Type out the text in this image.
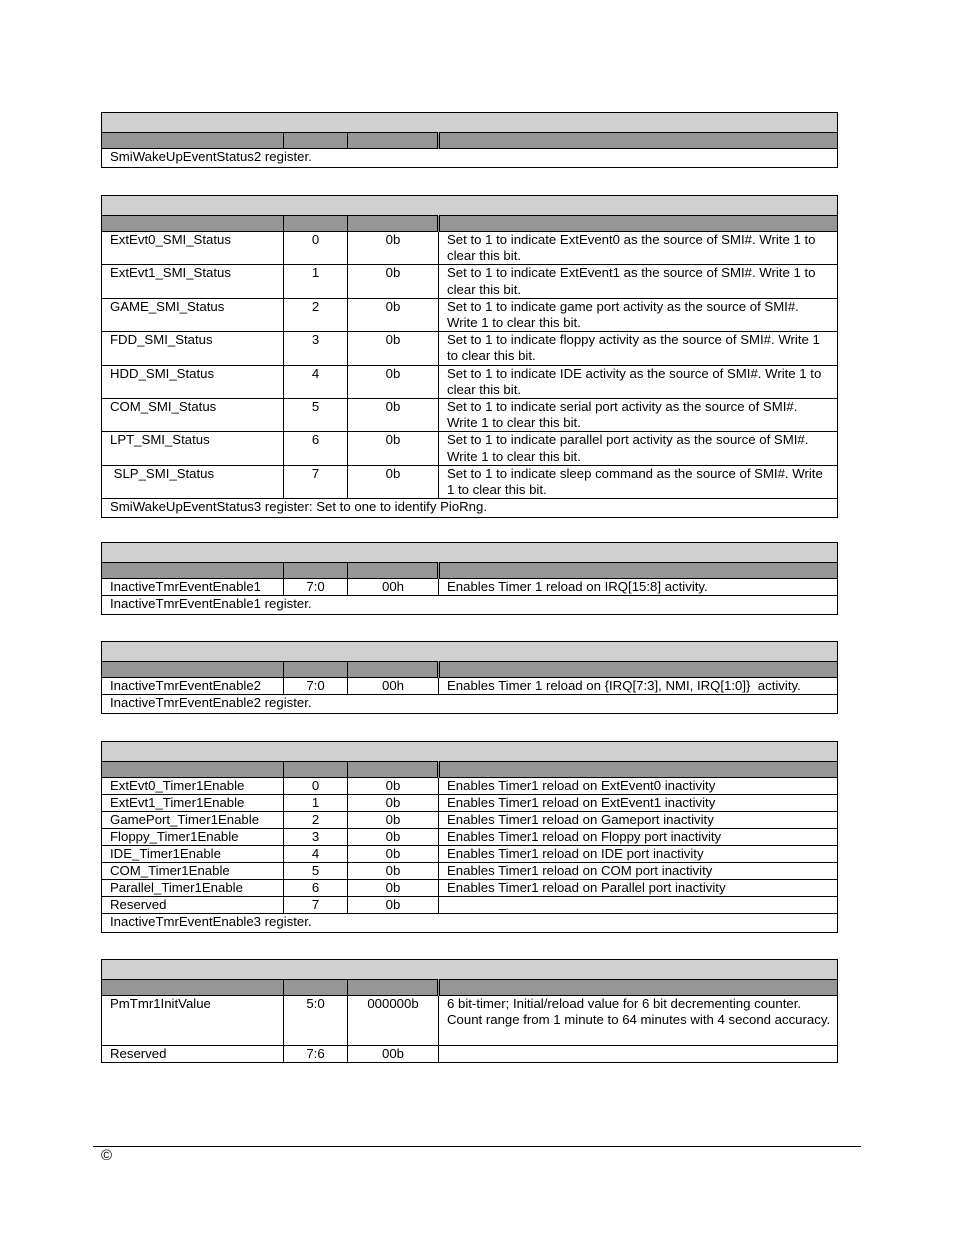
SmiWakeUpEventStatus2 register.

ExtEvt0_SMI_Status	0	0b	Set to 1 to indicate ExtEvent0 as the source of SMI#. Write 1 to clear this bit.
ExtEvt1_SMI_Status	1	0b	Set to 1 to indicate ExtEvent1 as the source of SMI#. Write 1 to clear this bit.
GAME_SMI_Status	2	0b	Set to 1 to indicate game port activity as the source of SMI#. Write 1 to clear this bit.
FDD_SMI_Status	3	0b	Set to 1 to indicate floppy activity as the source of SMI#. Write 1 to clear this bit.
HDD_SMI_Status	4	0b	Set to 1 to indicate IDE activity as the source of SMI#. Write 1 to clear this bit.
COM_SMI_Status	5	0b	Set to 1 to indicate serial port activity as the source of SMI#. Write 1 to clear this bit.
LPT_SMI_Status	6	0b	Set to 1 to indicate parallel port activity as the source of SMI#. Write 1 to clear this bit.
SLP_SMI_Status	7	0b	Set to 1 to indicate sleep command as the source of SMI#. Write 1 to clear this bit.
SmiWakeUpEventStatus3 register: Set to one to identify PioRng.			

InactiveTmrEventEnable1	7:0	00h	Enables Timer 1 reload on IRQ[15:8] activity.
InactiveTmrEventEnable1 register.			

InactiveTmrEventEnable2	7:0	00h	Enables Timer 1 reload on {IRQ[7:3], NMI, IRQ[1:0]}  activity.
InactiveTmrEventEnable2 register.			

ExtEvt0_Timer1Enable	0	0b	Enables Timer1 reload on ExtEvent0 inactivity
ExtEvt1_Timer1Enable	1	0b	Enables Timer1 reload on ExtEvent1 inactivity
GamePort_Timer1Enable	2	0b	Enables Timer1 reload on Gameport inactivity
Floppy_Timer1Enable	3	0b	Enables Timer1 reload on Floppy port inactivity
IDE_Timer1Enable	4	0b	Enables Timer1 reload on IDE port inactivity
COM_Timer1Enable	5	0b	Enables Timer1 reload on COM port inactivity
Parallel_Timer1Enable	6	0b	Enables Timer1 reload on Parallel port inactivity
Reserved	7	0b	
InactiveTmrEventEnable3 register.			

PmTmr1InitValue	5:0	000000b	6 bit-timer; Initial/reload value for 6 bit decrementing counter. Count range from 1 minute to 64 minutes with 4 second accuracy.
Reserved	7:6	00b	
©
